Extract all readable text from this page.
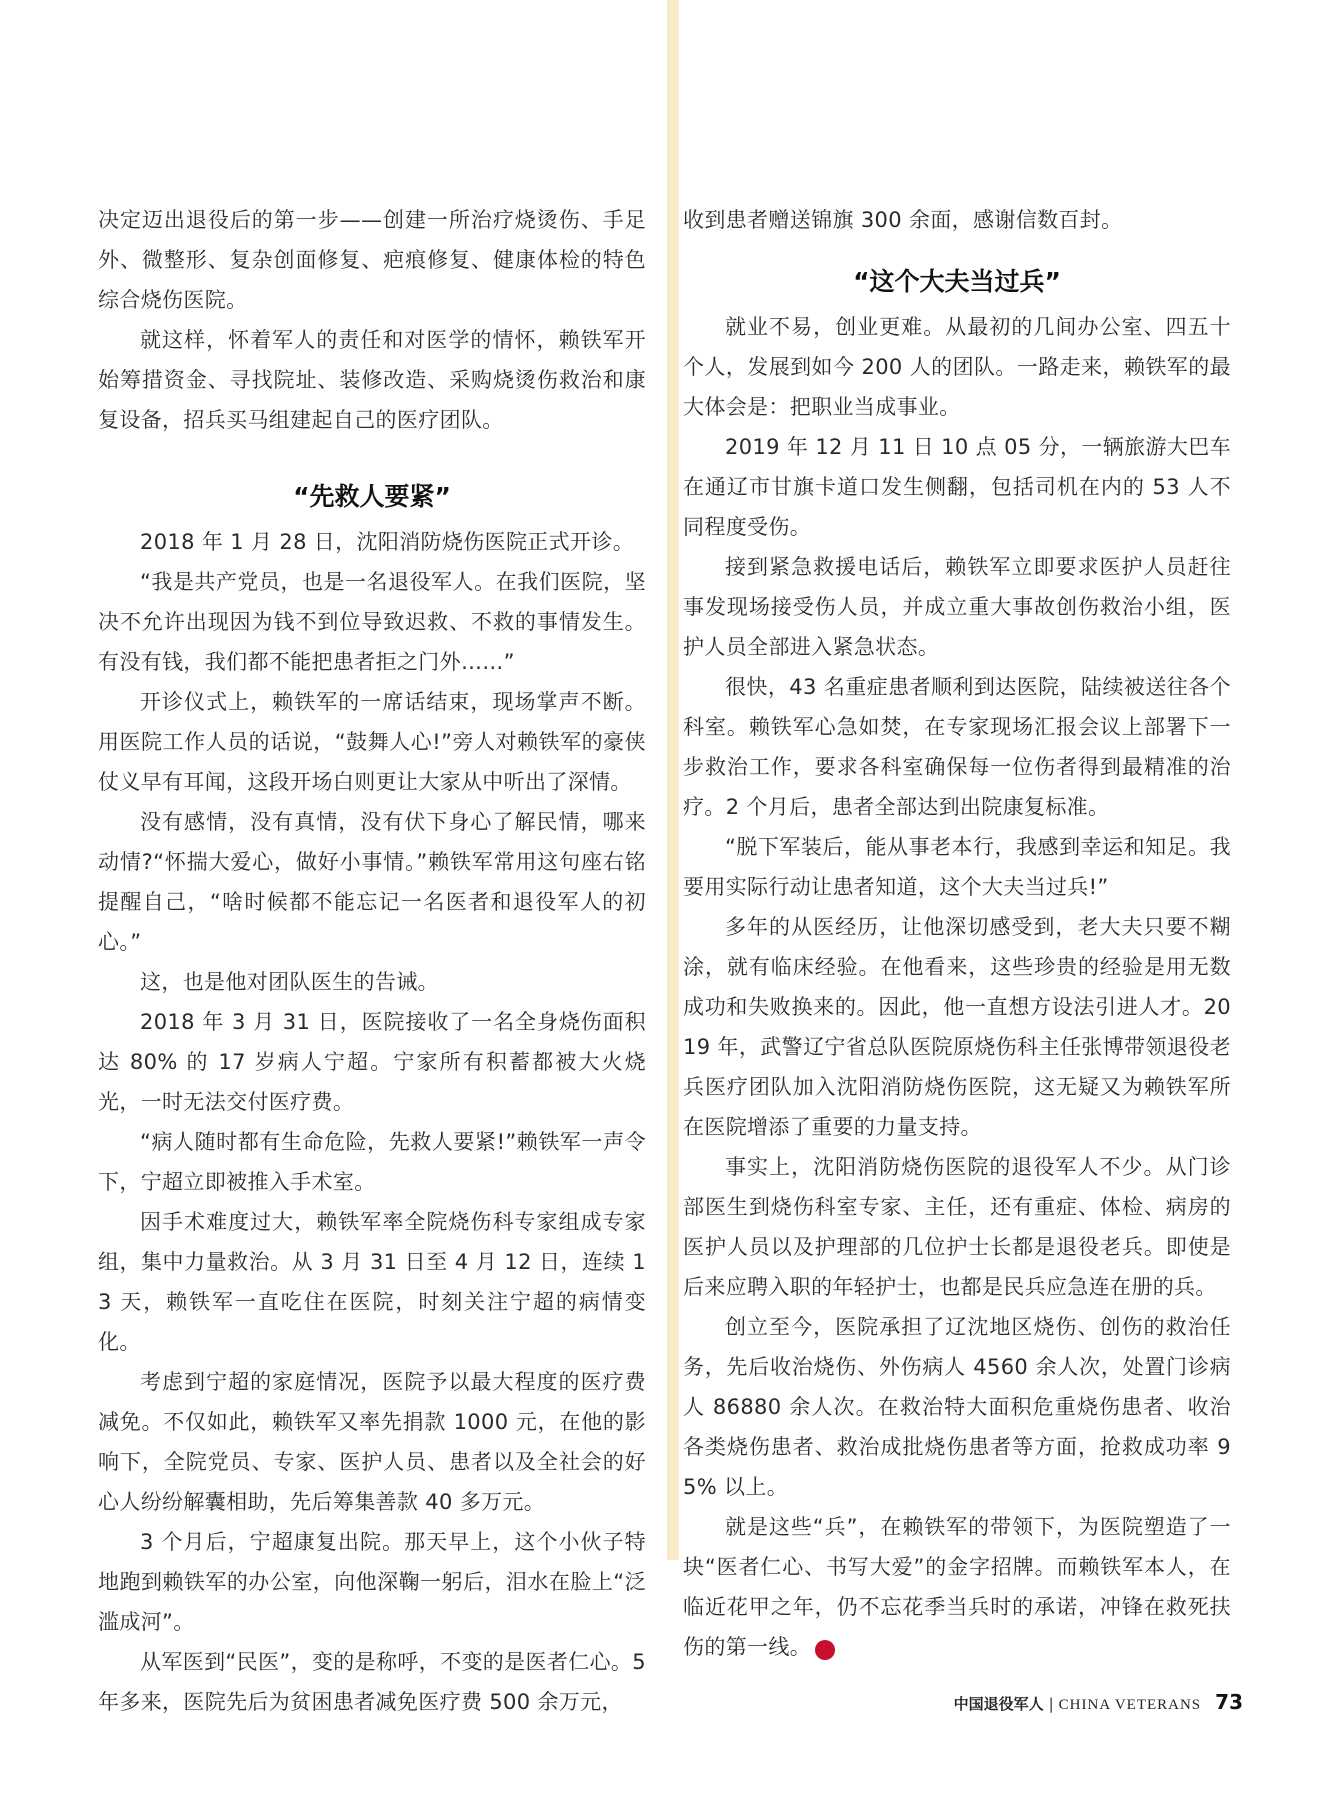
决定迈出退役后的第一步——创建一所治疗烧烫伤、手足外、微整形、复杂创面修复、疤痕修复、健康体检的特色综合烧伤医院。

就这样，怀着军人的责任和对医学的情怀，赖铁军开始筹措资金、寻找院址、装修改造、采购烧烫伤救治和康复设备，招兵买马组建起自己的医疗团队。

“先救人要紧”

2018 年 1 月 28 日，沈阳消防烧伤医院正式开诊。

“我是共产党员，也是一名退役军人。在我们医院，坚决不允许出现因为钱不到位导致迟救、不救的事情发生。有没有钱，我们都不能把患者拒之门外……”

开诊仪式上，赖铁军的一席话结束，现场掌声不断。用医院工作人员的话说，“鼓舞人心!”旁人对赖铁军的豪侠仗义早有耳闻，这段开场白则更让大家从中听出了深情。

没有感情，没有真情，没有伏下身心了解民情，哪来动情?“怀揣大爱心，做好小事情。”赖铁军常用这句座右铭提醒自己，“啥时候都不能忘记一名医者和退役军人的初心。”

这，也是他对团队医生的告诫。

2018 年 3 月 31 日，医院接收了一名全身烧伤面积达 80% 的 17 岁病人宁超。宁家所有积蓄都被大火烧光，一时无法交付医疗费。

“病人随时都有生命危险，先救人要紧!”赖铁军一声令下，宁超立即被推入手术室。

因手术难度过大，赖铁军率全院烧伤科专家组成专家组，集中力量救治。从 3 月 31 日至 4 月 12 日，连续 13 天，赖铁军一直吃住在医院，时刻关注宁超的病情变化。

考虑到宁超的家庭情况，医院予以最大程度的医疗费减免。不仅如此，赖铁军又率先捐款 1000 元，在他的影响下，全院党员、专家、医护人员、患者以及全社会的好心人纷纷解囊相助，先后筹集善款 40 多万元。

3 个月后，宁超康复出院。那天早上，这个小伙子特地跑到赖铁军的办公室，向他深鞠一躬后，泪水在脸上“泛滥成河”。

从军医到“民医”，变的是称呼，不变的是医者仁心。5 年多来，医院先后为贫困患者减免医疗费 500 余万元，

收到患者赠送锦旗 300 余面，感谢信数百封。

“这个大夫当过兵”

就业不易，创业更难。从最初的几间办公室、四五十个人，发展到如今 200 人的团队。一路走来，赖铁军的最大体会是：把职业当成事业。

2019 年 12 月 11 日 10 点 05 分，一辆旅游大巴车在通辽市甘旗卡道口发生侧翻，包括司机在内的 53 人不同程度受伤。

接到紧急救援电话后，赖铁军立即要求医护人员赶往事发现场接受伤人员，并成立重大事故创伤救治小组，医护人员全部进入紧急状态。

很快，43 名重症患者顺利到达医院，陆续被送往各个科室。赖铁军心急如焚，在专家现场汇报会议上部署下一步救治工作，要求各科室确保每一位伤者得到最精准的治疗。2 个月后，患者全部达到出院康复标准。

“脱下军装后，能从事老本行，我感到幸运和知足。我要用实际行动让患者知道，这个大夫当过兵!”

多年的从医经历，让他深切感受到，老大夫只要不糊涂，就有临床经验。在他看来，这些珍贵的经验是用无数成功和失败换来的。因此，他一直想方设法引进人才。2019 年，武警辽宁省总队医院原烧伤科主任张博带领退役老兵医疗团队加入沈阳消防烧伤医院，这无疑又为赖铁军所在医院增添了重要的力量支持。

事实上，沈阳消防烧伤医院的退役军人不少。从门诊部医生到烧伤科室专家、主任，还有重症、体检、病房的医护人员以及护理部的几位护士长都是退役老兵。即使是后来应聘入职的年轻护士，也都是民兵应急连在册的兵。

创立至今，医院承担了辽沈地区烧伤、创伤的救治任务，先后收治烧伤、外伤病人 4560 余人次，处置门诊病人 86880 余人次。在救治特大面积危重烧伤患者、收治各类烧伤患者、救治成批烧伤患者等方面，抢救成功率 95% 以上。

就是这些“兵”，在赖铁军的带领下，为医院塑造了一块“医者仁心、书写大爱”的金字招牌。而赖铁军本人，在临近花甲之年，仍不忘花季当兵时的承诺，冲锋在救死扶伤的第一线。	V

中国退役军人 | CHINA VETERANS 73
